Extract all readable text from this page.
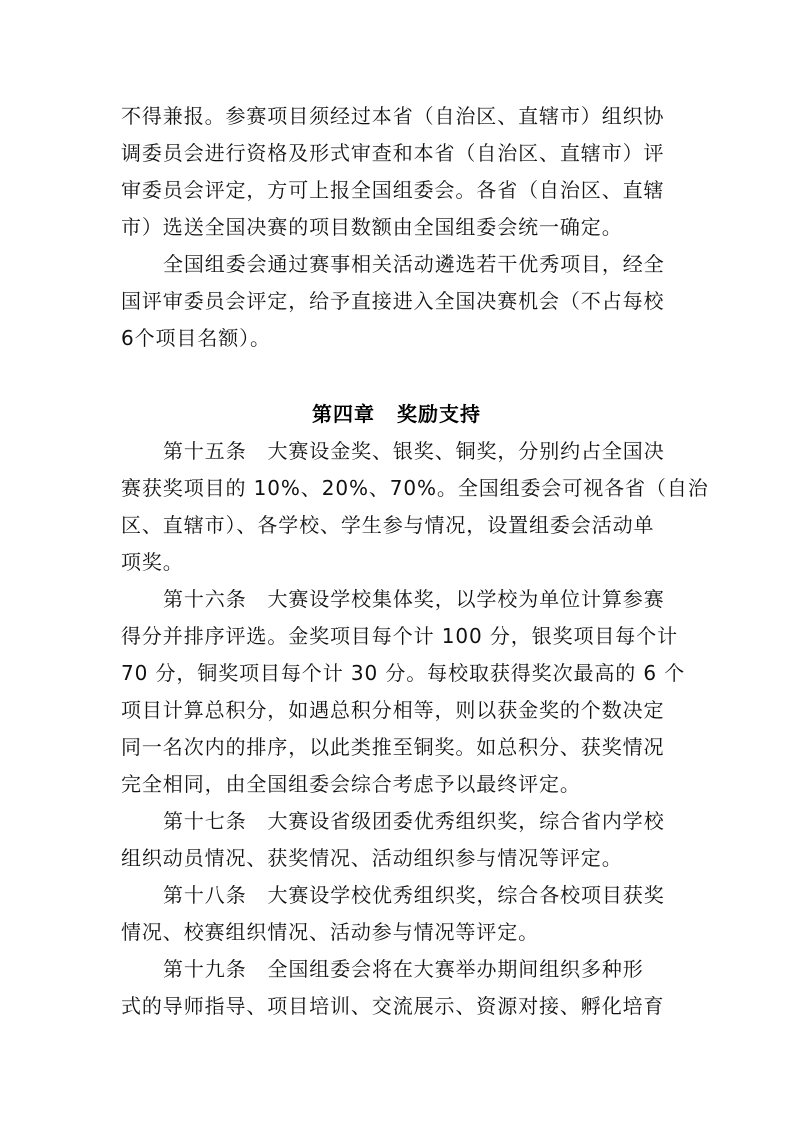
不得兼报。参赛项目须经过本省（自治区、直辖市）组织协
调委员会进行资格及形式审查和本省（自治区、直辖市）评
审委员会评定，方可上报全国组委会。各省（自治区、直辖
市）选送全国决赛的项目数额由全国组委会统一确定。
全国组委会通过赛事相关活动遴选若干优秀项目，经全
国评审委员会评定，给予直接进入全国决赛机会（不占每校
6个项目名额）。
第四章 奖励支持
第十五条　大赛设金奖、银奖、铜奖，分别约占全国决
赛获奖项目的 10%、20%、70%。全国组委会可视各省（自治
区、直辖市）、各学校、学生参与情况，设置组委会活动单
项奖。
第十六条　大赛设学校集体奖，以学校为单位计算参赛
得分并排序评选。金奖项目每个计 100 分，银奖项目每个计
70 分，铜奖项目每个计 30 分。每校取获得奖次最高的 6 个
项目计算总积分，如遇总积分相等，则以获金奖的个数决定
同一名次内的排序，以此类推至铜奖。如总积分、获奖情况
完全相同，由全国组委会综合考虑予以最终评定。
第十七条　大赛设省级团委优秀组织奖，综合省内学校
组织动员情况、获奖情况、活动组织参与情况等评定。
第十八条　大赛设学校优秀组织奖，综合各校项目获奖
情况、校赛组织情况、活动参与情况等评定。
第十九条　全国组委会将在大赛举办期间组织多种形
式的导师指导、项目培训、交流展示、资源对接、孵化培育
